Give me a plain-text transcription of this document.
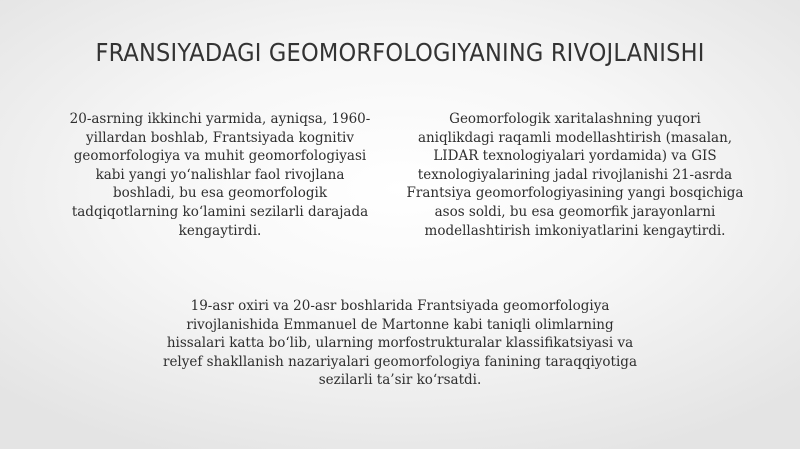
FRANSIYADAGI GEOMORFOLOGIYANING RIVOJLANISHI

20-asrning ikkinchi yarmida, ayniqsa, 1960-
yillardan boshlab, Frantsiyada kognitiv
geomorfologiya va muhit geomorfologiyasi
kabi yangi yo‘nalishlar faol rivojlana
boshladi, bu esa geomorfologik
tadqiqotlarning ko‘lamini sezilarli darajada
kengaytirdi.

Geomorfologik xaritalashning yuqori
aniqlikdagi raqamli modellashtirish (masalan,
LIDAR texnologiyalari yordamida) va GIS
texnologiyalarining jadal rivojlanishi 21-asrda
Frantsiya geomorfologiyasining yangi bosqichiga
asos soldi, bu esa geomorfik jarayonlarni
modellashtirish imkoniyatlarini kengaytirdi.

19-asr oxiri va 20-asr boshlarida Frantsiyada geomorfologiya
rivojlanishida Emmanuel de Martonne kabi taniqli olimlarning
hissalari katta bo‘lib, ularning morfostrukturalar klassifikatsiyasi va
relyef shakllanish nazariyalari geomorfologiya fanining taraqqiyotiga
sezilarli ta’sir ko‘rsatdi.
